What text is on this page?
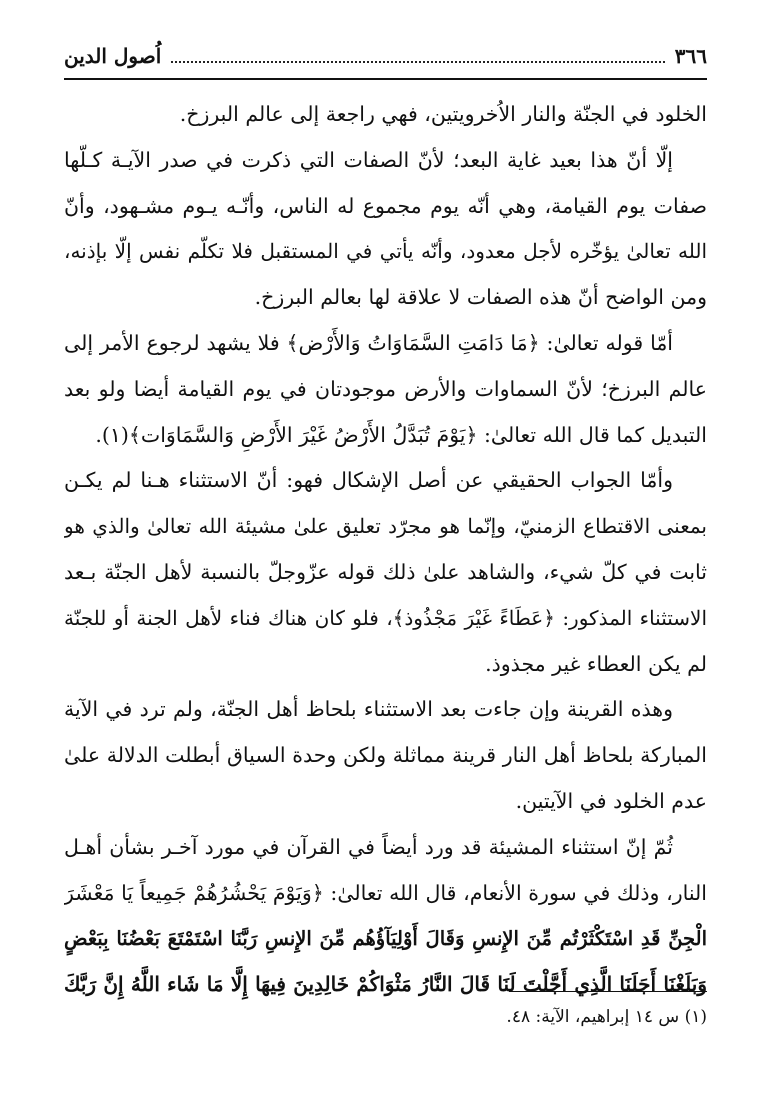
٣٦٦
اُصول الدين
الخلود في الجنّة والنار الاُخرويتين، فهي راجعة إلى عالم البرزخ.
إلّا أنّ هذا بعيد غاية البعد؛ لأنّ الصفات التي ذكرت في صدر الآيـة كـلّها
صفات يوم القيامة، وهي أنّه يوم مجموع له الناس، وأنّـه يـوم مشـهود، وأنّ
الله تعالىٰ يؤخّره لأجل معدود، وأنّه يأتي في المستقبل فلا تكلّم نفس إلّا بإذنه،
ومن الواضح أنّ هذه الصفات لا علاقة لها بعالم البرزخ.
أمّا قوله تعالىٰ: ﴿مَا دَامَتِ السَّمَاوَاتُ وَالأَرْض﴾ فلا يشهد لرجوع الأمر إلى
عالم البرزخ؛ لأنّ السماوات والأرض موجودتان في يوم القيامة أيضا ولو بعد
التبديل كما قال الله تعالىٰ: ﴿يَوْمَ تُبَدَّلُ الأَرْضُ غَيْرَ الأَرْضِ وَالسَّمَاوَات﴾(١).
وأمّا الجواب الحقيقي عن أصل الإشكال فهو: أنّ الاستثناء هـنا لم يكـن
بمعنى الاقتطاع الزمنيّ، وإنّما هو مجرّد تعليق علىٰ مشيئة الله تعالىٰ والذي هو
ثابت في كلّ شيء، والشاهد علىٰ ذلك قوله عزّوجلّ بالنسبة لأهل الجنّة بـعد
الاستثناء المذكور: ﴿عَطَاءً غَيْرَ مَجْذُوذ﴾، فلو كان هناك فناء لأهل الجنة أو للجنّة
لم يكن العطاء غير مجذوذ.
وهذه القرينة وإن جاءت بعد الاستثناء بلحاظ أهل الجنّة، ولم ترد في الآية
المباركة بلحاظ أهل النار قرينة مماثلة ولكن وحدة السياق أبطلت الدلالة علىٰ
عدم الخلود في الآيتين.
ثُمّ إنّ استثناء المشيئة قد ورد أيضاً في القرآن في مورد آخـر بشأن أهـل
النار، وذلك في سورة الأنعام، قال الله تعالىٰ: ﴿وَيَوْمَ يَحْشُرُهُمْ جَمِيعاً يَا مَعْشَرَ
الْجِنِّ قَدِ اسْتَكْثَرْتُم مِّنَ الإِنسِ وَقَالَ أَوْلِيَآؤُهُم مِّنَ الإِنسِ رَبَّنَا اسْتَمْتَعَ بَعْضُنَا بِبَعْضٍ
وَبَلَغْنَا أَجَلَنَا الَّذِي أَجَّلْتَ لَنَا قَالَ النَّارُ مَثْوَاكُمْ خَالِدِينَ فِيهَا إِلَّا مَا شَاء اللَّهُ إِنَّ رَبَّكَ
(١) س ١٤ إبراهيم، الآية: ٤٨.
